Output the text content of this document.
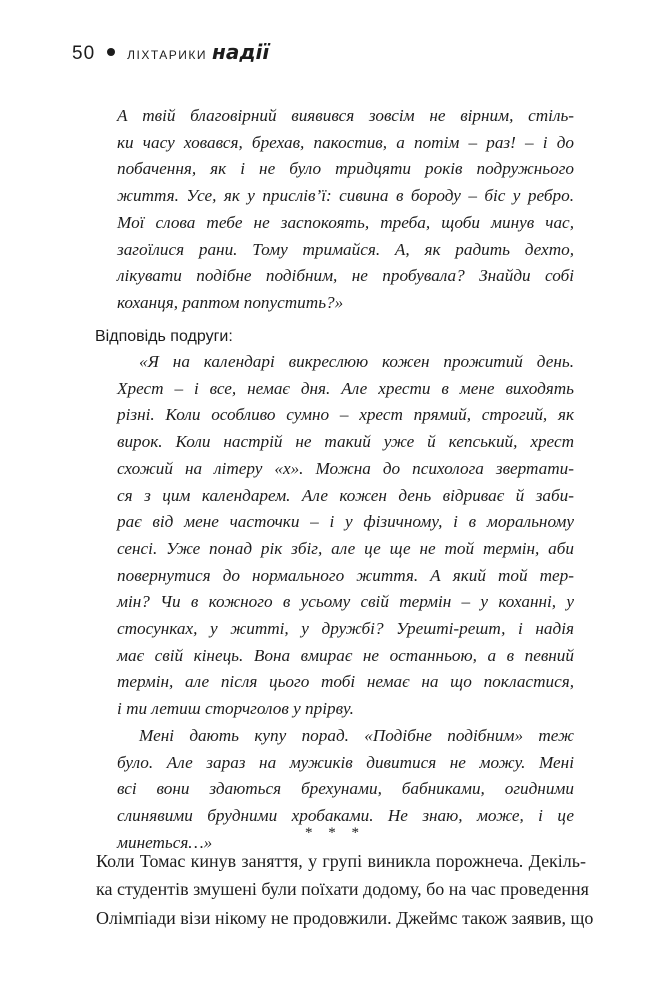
50	ЛІХТАРИКИ надії
А твій благовірний виявився зовсім не вірним, стіль-
ки часу ховався, брехав, пакостив, а потім – раз! – і до
побачення, як і не було тридцяти років подружнього
життя. Усе, як у прислів’ї: сивина в бороду – біс у ребро.
Мої слова тебе не заспокоять, треба, щоби минув час,
загоїлися рани. Тому тримайся. А, як радить дехто,
лікувати подібне подібним, не пробувала? Знайди собі
коханця, раптом попустить?»
Відповідь подруги:
«Я на календарі викреслюю кожен прожитий день.
Хрест – і все, немає дня. Але хрести в мене виходять
різні. Коли особливо сумно – хрест прямий, строгий, як
вирок. Коли настрій не такий уже й кепський, хрест
схожий на літеру «х». Можна до психолога звертати-
ся з цим календарем. Але кожен день відриває й заби-
рає від мене часточки – і у фізичному, і в моральному
сенсі. Уже понад рік збіг, але це ще не той термін, аби
повернутися до нормального життя. А який той тер-
мін? Чи в кожного в усьому свій термін – у коханні, у
стосунках, у житті, у дружбі? Урешті-решт, і надія
має свій кінець. Вона вмирає не останньою, а в певний
термін, але після цього тобі немає на що покластися,
і ти летиш сторчголов у прірву.
Мені дають купу порад. «Подібне подібним» теж
було. Але зараз на мужиків дивитися не можу. Мені
всі вони здаються брехунами, бабниками, огидними
слинявими брудними хробаками. Не знаю, може, і це
минеться…»	* * *
Коли Томас кинув заняття, у групі виникла порожнеча. Декіль-
ка студентів змушені були поїхати додому, бо на час проведення
Олімпіади візи нікому не продовжили. Джеймс також заявив, що
